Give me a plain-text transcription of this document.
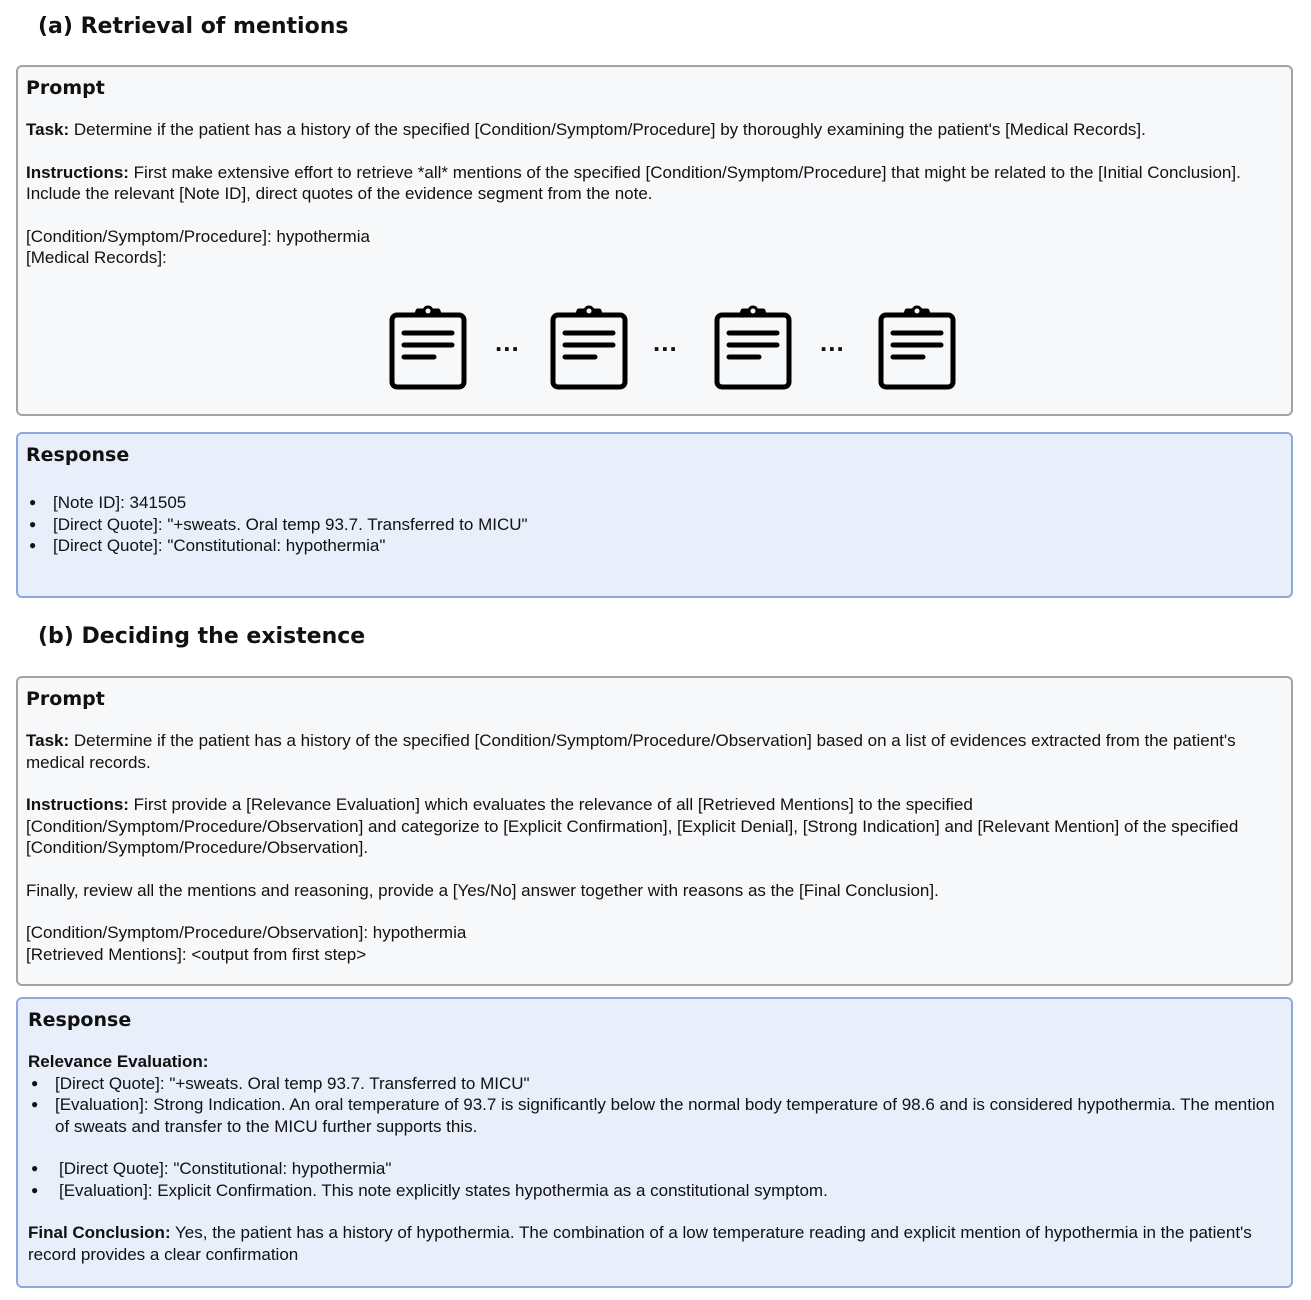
(a) Retrieval of mentions
Prompt

Task: Determine if the patient has a history of the specified [Condition/Symptom/Procedure] by thoroughly examining the patient's [Medical Records].

Instructions: First make extensive effort to retrieve *all* mentions of the specified [Condition/Symptom/Procedure] that might be related to the [Initial Conclusion]. Include the relevant [Note ID], direct quotes of the evidence segment from the note.

[Condition/Symptom/Procedure]: hypothermia

[Medical Records]:

...	...	...
Response
● [Note ID]: 341505
● [Direct Quote]: "+sweats. Oral temp 93.7. Transferred to MICU"
● [Direct Quote]: "Constitutional: hypothermia"
(b) Deciding the existence
Prompt

Task: Determine if the patient has a history of the specified [Condition/Symptom/Procedure/Observation] based on a list of evidences extracted from the patient's medical records.

Instructions: First provide a [Relevance Evaluation] which evaluates the relevance of all [Retrieved Mentions] to the specified [Condition/Symptom/Procedure/Observation] and categorize to [Explicit Confirmation], [Explicit Denial], [Strong Indication] and [Relevant Mention] of the specified [Condition/Symptom/Procedure/Observation].

Finally, review all the mentions and reasoning, provide a [Yes/No] answer together with reasons as the [Final Conclusion].

[Condition/Symptom/Procedure/Observation]: hypothermia

[Retrieved Mentions]: <output from first step>

Response

Relevance Evaluation:

● [Direct Quote]: "+sweats. Oral temp 93.7. Transferred to MICU"
● [Evaluation]: Strong Indication. An oral temperature of 93.7 is significantly below the normal body temperature of 98.6 and is considered hypothermia. The mention of sweats and transfer to the MICU further supports this.
● [Direct Quote]: "Constitutional: hypothermia"
● [Evaluation]: Explicit Confirmation. This note explicitly states hypothermia as a constitutional symptom.

Final Conclusion: Yes, the patient has a history of hypothermia. The combination of a low temperature reading and explicit mention of hypothermia in the patient's record provides a clear confirmation
